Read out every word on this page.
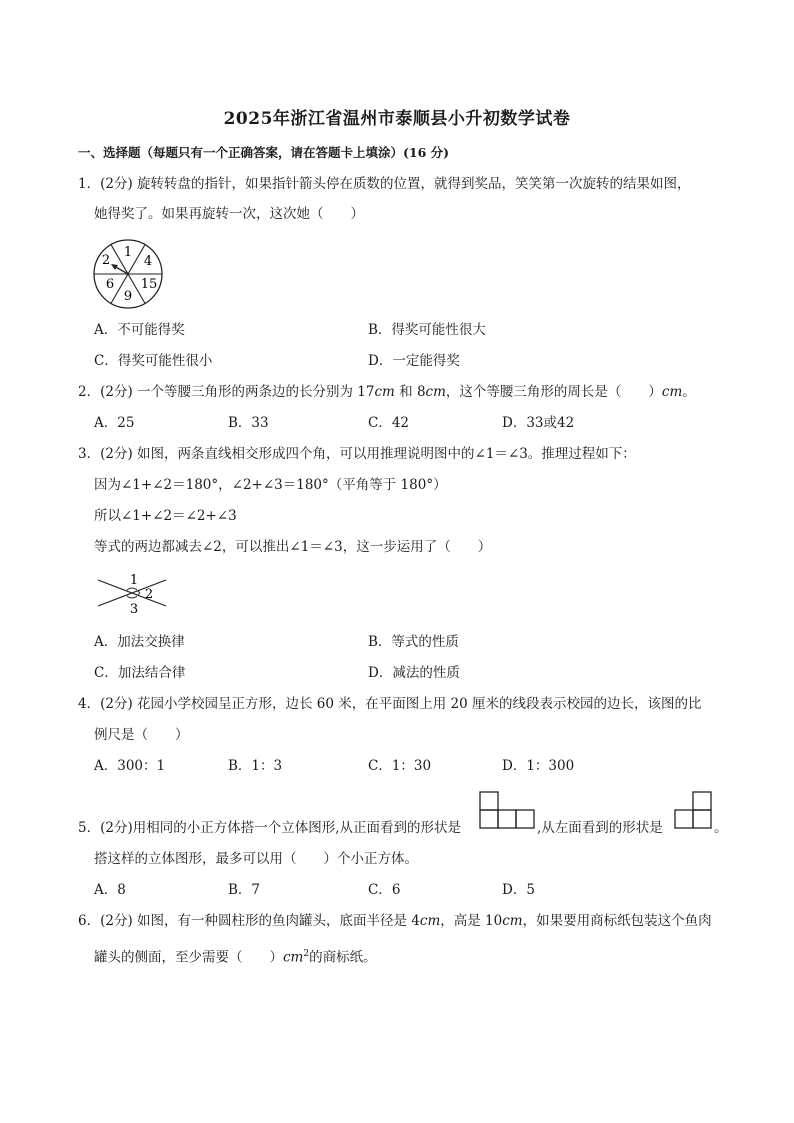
2025年浙江省温州市泰顺县小升初数学试卷
一、选择题（每题只有一个正确答案，请在答题卡上填涂）(16 分)
1．(2分) 旋转转盘的指针，如果指针箭头停在质数的位置，就得到奖品，笑笑第一次旋转的结果如图，
她得奖了。如果再旋转一次，这次她（　　）
1
4
15
9
6
2
A．不可能得奖	B．得奖可能性很大
C．得奖可能性很小	D．一定能得奖
2．(2分) 一个等腰三角形的两条边的长分别为 17cm 和 8cm，这个等腰三角形的周长是（　　）cm。
A．25	B．33	C．42	D．33或42
3．(2分) 如图，两条直线相交形成四个角，可以用推理说明图中的∠1＝∠3。推理过程如下：
因为∠1+∠2＝180°，∠2+∠3＝180°（平角等于 180°）
所以∠1+∠2＝∠2+∠3
等式的两边都减去∠2，可以推出∠1＝∠3，这一步运用了（　　）
1
2
3
A．加法交换律	B．等式的性质
C．加法结合律	D．减法的性质
4．(2分) 花园小学校园呈正方形，边长 60 米，在平面图上用 20 厘米的线段表示校园的边长，该图的比
例尺是（　　）
A．300：1	B．1：3	C．1：30	D．1：300
5．(2分)用相同的小正方体搭一个立体图形,从正面看到的形状是	,从左面看到的形状是	。
搭这样的立体图形，最多可以用（　　）个小正方体。
A．8	B．7	C．6	D．5
6．(2分) 如图，有一种圆柱形的鱼肉罐头，底面半径是 4cm，高是 10cm，如果要用商标纸包装这个鱼肉
罐头的侧面，至少需要（　　）$cm^2$的商标纸。
